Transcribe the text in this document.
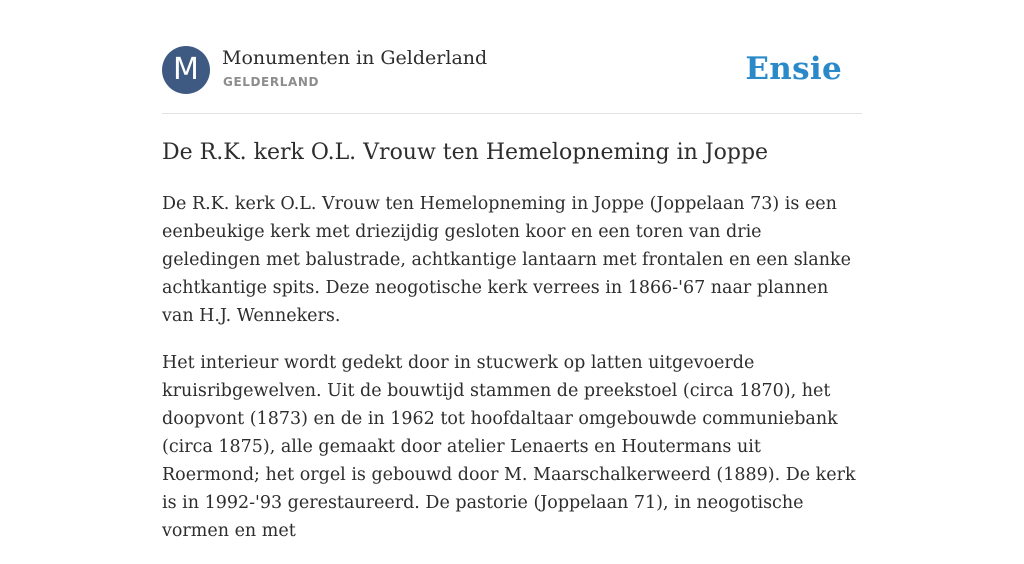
M	Monumenten in Gelderland
GELDERLAND	Ensie
De R.K. kerk O.L. Vrouw ten Hemelopneming in Joppe

De R.K. kerk O.L. Vrouw ten Hemelopneming in Joppe (Joppelaan 73) is een eenbeukige kerk met driezijdig gesloten koor en een toren van drie geledingen met balustrade, achtkantige lantaarn met frontalen en een slanke achtkantige spits. Deze neogotische kerk verrees in 1866-'67 naar plannen van H.J. Wennekers.

Het interieur wordt gedekt door in stucwerk op latten uitgevoerde kruisribgewelven. Uit de bouwtijd stammen de preekstoel (circa 1870), het doopvont (1873) en de in 1962 tot hoofdaltaar omgebouwde communiebank (circa 1875), alle gemaakt door atelier Lenaerts en Houtermans uit Roermond; het orgel is gebouwd door M. Maarschalkerweerd (1889). De kerk is in 1992-'93 gerestaureerd. De pastorie (Joppelaan 71), in neogotische vormen en met
